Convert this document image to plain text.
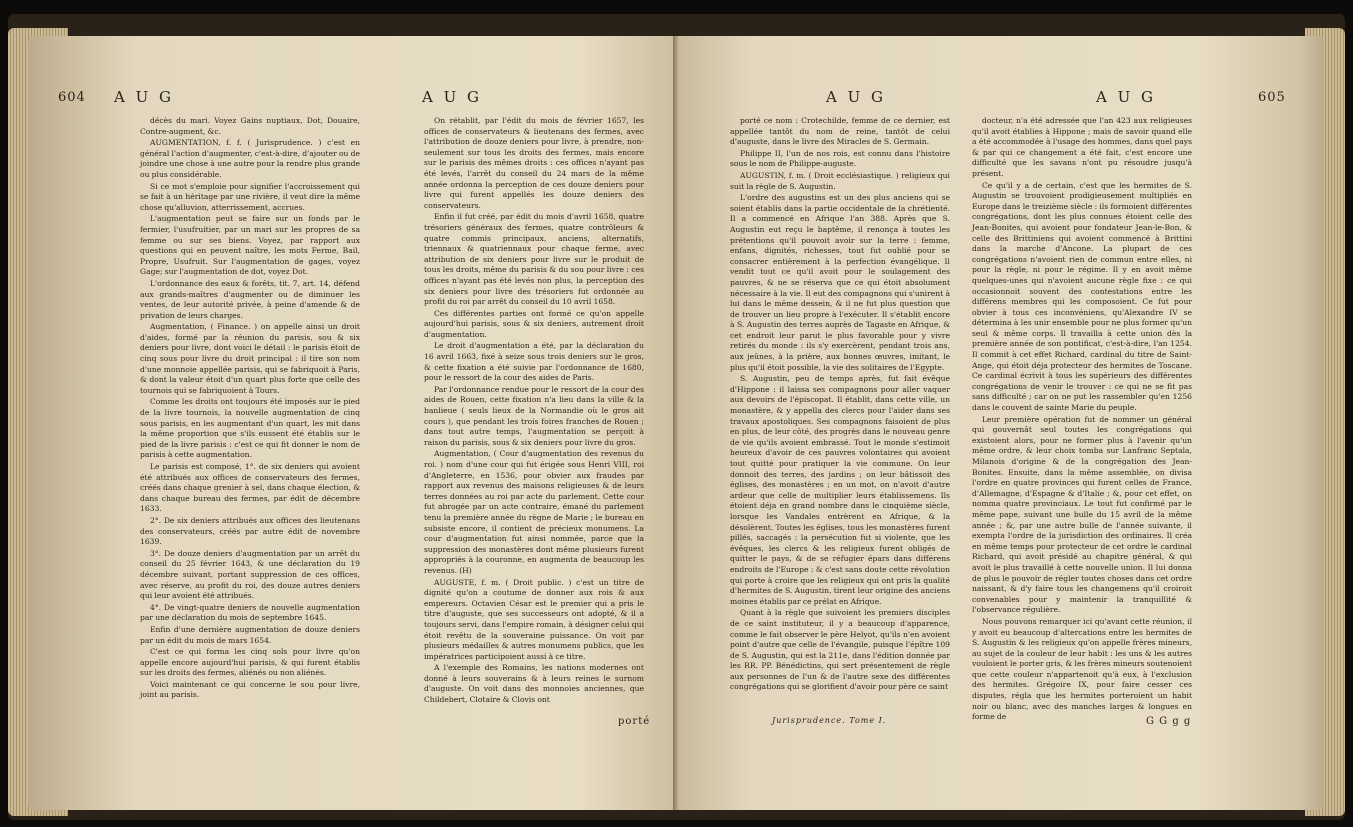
604 A U G	A U G

décès du mari. Voyez Gains nuptiaux, Dot, Douaire, Contre-augment, &c.

AUGMENTATION, f. f. ( Jurisprudence. ) c'est en général l'action d'augmenter, c'est-à-dire, d'ajouter ou de joindre une chose à une autre pour la rendre plus grande ou plus considérable.

Si ce mot s'emploie pour signifier l'accroissement qui se fait à un héritage par une rivière, il veut dire la même chose qu'alluvion, atterrissement, accrues.

L'augmentation peut se faire sur un fonds par le fermier, l'usufruitier, par un mari sur les propres de sa femme ou sur ses biens. Voyez, par rapport aux questions qui en peuvent naître, les mots Ferme, Bail, Propre, Usufruit. Sur l'augmentation de gages, voyez Gage; sur l'augmentation de dot, voyez Dot.

L'ordonnance des eaux & forêts, tit. 7, art. 14, défend aux grands-maîtres d'augmenter ou de diminuer les ventes, de leur autorité privée, à peine d'amende & de privation de leurs charges.

Augmentation, ( Finance. ) on appelle ainsi un droit d'aides, formé par la réunion du parisis, sou & six deniers pour livre, dont voici le détail : le parisis étoit de cinq sous pour livre du droit principal : il tire son nom d'une monnoie appellée parisis, qui se fabriquoit à Paris, & dont la valeur étoit d'un quart plus forte que celle des tournois qui se fabriquoient à Tours.

Comme les droits ont toujours été imposés sur le pied de la livre tournois, la nouvelle augmentation de cinq sous parisis, en les augmentant d'un quart, les mit dans la même proportion que s'ils eussent été établis sur le pied de la livre parisis : c'est ce qui fit donner le nom de parisis à cette augmentation.

Le parisis est composé, 1°. de six deniers qui avoient été attribués aux offices de conservateurs des fermes, créés dans chaque grenier à sel, dans chaque élection, & dans chaque bureau des fermes, par édit de décembre 1633.

2°. De six deniers attribués aux offices des lieutenans des conservateurs, créés par autre édit de novembre 1639.

3°. De douze deniers d'augmentation par un arrêt du conseil du 25 février 1643, & une déclaration du 19 décembre suivant, portant suppression de ces offices, avec réserve, au profit du roi, des douze autres deniers qui leur avoient été attribués.

4°. De vingt-quatre deniers de nouvelle augmentation par une déclaration du mois de septembre 1645.

Enfin d'une dernière augmentation de douze deniers par un édit du mois de mars 1654.

C'est ce qui forma les cinq sols pour livre qu'on appelle encore aujourd'hui parisis, & qui furent établis sur les droits des fermes, aliénés ou non aliénés.

Voici maintenant ce qui concerne le sou pour livre, joint au parisis.

On rétablit, par l'édit du mois de février 1657, les offices de conservateurs & lieutenans des fermes, avec l'attribution de douze deniers pour livre, à prendre, non-seulement sur tous les droits des fermes, mais encore sur le parisis des mêmes droits : ces offices n'ayant pas été levés, l'arrêt du conseil du 24 mars de la même année ordonna la perception de ces douze deniers pour livre qui furent appellés les douze deniers des conservateurs.

Enfin il fut créé, par édit du mois d'avril 1658, quatre trésoriers généraux des fermes, quatre contrôleurs & quatre commis principaux, anciens, alternatifs, triennaux & quatriennaux pour chaque ferme, avec attribution de six deniers pour livre sur le produit de tous les droits, même du parisis & du sou pour livre : ces offices n'ayant pas été levés non plus, la perception des six deniers pour livre des trésoriers fut ordonnée au profit du roi par arrêt du conseil du 10 avril 1658.

Ces différentes parties ont formé ce qu'on appelle aujourd'hui parisis, sous & six deniers, autrement droit d'augmentation.

Le droit d'augmentation a été, par la déclaration du 16 avril 1663, fixé à seize sous trois deniers sur le gros, & cette fixation a été suivie par l'ordonnance de 1680, pour le ressort de la cour des aides de Paris.

Par l'ordonnance rendue pour le ressort de la cour des aides de Rouen, cette fixation n'a lieu dans la ville & la banlieue ( seuls lieux de la Normandie où le gros ait cours ), que pendant les trois foires franches de Rouen ; dans tout autre temps, l'augmentation se perçoit à raison du parisis, sous & six deniers pour livre du gros.

Augmentation, ( Cour d'augmentation des revenus du roi. ) nom d'une cour qui fut érigée sous Henri VIII, roi d'Angleterre, en 1536, pour obvier aux fraudes par rapport aux revenus des maisons religieuses & de leurs terres données au roi par acte du parlement. Cette cour fut abrogée par un acte contraire, émané du parlement tenu la première année du règne de Marie ; le bureau en subsiste encore, il contient de précieux monumens. La cour d'augmentation fut ainsi nommée, parce que la suppression des monastères dont même plusieurs furent appropriés à la couronne, en augmenta de beaucoup les revenus. (H)

AUGUSTE, f. m. ( Droit public. ) c'est un titre de dignité qu'on a coutume de donner aux rois & aux empereurs. Octavien César est le premier qui a pris le titre d'auguste, que ses successeurs ont adopté, & il a toujours servi, dans l'empire romain, à désigner celui qui étoit revêtu de la souveraine puissance. On voit par plusieurs médailles & autres monumens publics, que les impératrices participoient aussi à ce titre.

A l'exemple des Romains, les nations modernes ont donné à leurs souverains & à leurs reines le surnom d'auguste. On voit dans des monnoies anciennes, que Childebert, Clotaire & Clovis ont

porté
A U G	A U G	605

porté ce nom : Crotechilde, femme de ce dernier, est appellée tantôt du nom de reine, tantôt de celui d'auguste, dans le livre des Miracles de S. Germain.

Philippe II, l'un de nos rois, est connu dans l'histoire sous le nom de Philippe-auguste.

AUGUSTIN, f. m. ( Droit ecclésiastique. ) religieux qui suit la règle de S. Augustin.

L'ordre des augustins est un des plus anciens qui se soient établis dans la partie occidentale de la chrétienté. Il a commencé en Afrique l'an 388. Après que S. Augustin eut reçu le baptême, il renonça à toutes les prétentions qu'il pouvoit avoir sur la terre : femme, enfans, dignités, richesses, tout fut oublié pour se consacrer entièrement à la perfection évangélique. Il vendit tout ce qu'il avoit pour le soulagement des pauvres, & ne se réserva que ce qui étoit absolument nécessaire à la vie. Il eut des compagnons qui s'unirent à lui dans le même dessein, & il ne fut plus question que de trouver un lieu propre à l'exécuter. Il s'établit encore à S. Augustin des terres auprès de Tagaste en Afrique, & cet endroit leur parut le plus favorable pour y vivre retirés du monde : ils s'y exercèrent, pendant trois ans, aux jeûnes, à la prière, aux bonnes œuvres, imitant, le plus qu'il étoit possible, la vie des solitaires de l'Egypte.

S. Augustin, peu de temps après, fut fait évêque d'Hippone : il laissa ses compagnons pour aller vaquer aux devoirs de l'épiscopat. Il établit, dans cette ville, un monastère, & y appella des clercs pour l'aider dans ses travaux apostoliques. Ses compagnons faisoient de plus en plus, de leur côté, des progrès dans le nouveau genre de vie qu'ils avoient embrassé. Tout le monde s'estimoit heureux d'avoir de ces pauvres volontaires qui avoient tout quitté pour pratiquer la vie commune. On leur donnoit des terres, des jardins ; on leur bâtissoit des églises, des monastères ; en un mot, on n'avoit d'autre ardeur que celle de multiplier leurs établissemens. Ils étoient déja en grand nombre dans le cinquième siècle, lorsque les Vandales entrèrent en Afrique, & la désolèrent. Toutes les églises, tous les monastères furent pillés, saccagés : la persécution fut si violente, que les évêques, les clercs & les religieux furent obligés de quitter le pays, & de se réfugier épars dans différens endroits de l'Europe : & c'est sans doute cette révolution qui porte à croire que les religieux qui ont pris la qualité d'hermites de S. Augustin, tirent leur origine des anciens moines établis par ce prélat en Afrique.

Quant à la règle que suivoient les premiers disciples de ce saint instituteur, il y a beaucoup d'apparence, comme le fait observer le père Helyot, qu'ils n'en avoient point d'autre que celle de l'évangile, puisque l'épître 109 de S. Augustin, qui est la 211e, dans l'édition donnée par les RR. PP. Bénédictins, qui sert présentement de règle aux personnes de l'un & de l'autre sexe des différentes congrégations qui se glorifient d'avoir pour père ce saint

docteur, n'a été adressée que l'an 423 aux religieuses qu'il avoit établies à Hippone ; mais de savoir quand elle a été accommodée à l'usage des hommes, dans quel pays & par qui ce changement a été fait, c'est encore une difficulté que les savans n'ont pu résoudre jusqu'à présent.

Ce qu'il y a de certain, c'est que les hermites de S. Augustin se trouvoient prodigieusement multipliés en Europe dans le treizième siècle : ils formoient différentes congrégations, dont les plus connues étoient celle des Jean-Bonites, qui avoient pour fondateur Jean-le-Bon, & celle des Brittiniens qui avoient commencé à Brittini dans la marche d'Ancone. La plupart de ces congrégations n'avoient rien de commun entre elles, ni pour la règle, ni pour le régime. Il y en avoit même quelques-unes qui n'avoient aucune règle fixe : ce qui occasionnoit souvent des contestations entre les différens membres qui les composoient. Ce fut pour obvier à tous ces inconvéniens, qu'Alexandre IV se détermina à les unir ensemble pour ne plus former qu'un seul & même corps. Il travailla à cette union dès la première année de son pontificat, c'est-à-dire, l'an 1254. Il commit à cet effet Richard, cardinal du titre de Saint-Ange, qui étoit déja protecteur des hermites de Toscane. Ce cardinal écrivit à tous les supérieurs des différentes congrégations de venir le trouver : ce qui ne se fit pas sans difficulté ; car on ne put les rassembler qu'en 1256 dans le couvent de sainte Marie du peuple.

Leur première opération fut de nommer un général qui gouvernât seul toutes les congrégations qui existoient alors, pour ne former plus à l'avenir qu'un même ordre, & leur choix tomba sur Lanfranc Septala, Milanois d'origine & de la congrégation des Jean-Bonites. Ensuite, dans la même assemblée, on divisa l'ordre en quatre provinces qui furent celles de France, d'Allemagne, d'Espagne & d'Italie ; &, pour cet effet, on nomma quatre provinciaux. Le tout fut confirmé par le même pape, suivant une bulle du 15 avril de la même année ; &, par une autre bulle de l'année suivante, il exempta l'ordre de la jurisdiction des ordinaires. Il créa en même temps pour protecteur de cet ordre le cardinal Richard, qui avoit présidé au chapitre général, & qui avoit le plus travaillé à cette nouvelle union. Il lui donna de plus le pouvoir de régler toutes choses dans cet ordre naissant, & d'y faire tous les changemens qu'il croiroit convenables pour y maintenir la tranquillité & l'observance régulière.

Nous pouvons remarquer ici qu'avant cette réunion, il y avoit eu beaucoup d'altercations entre les hermites de S. Augustin & les religieux qu'on appelle frères mineurs, au sujet de la couleur de leur habit : les uns & les autres vouloient le porter gris, & les frères mineurs soutenoient que cette couleur n'appartenoit qu'à eux, à l'exclusion des hermites. Grégoire IX, pour faire cesser ces disputes, régla que les hermites porteroient un habit noir ou blanc, avec des manches larges & longues en forme de

Jurisprudence. Tome I.	G G g g
